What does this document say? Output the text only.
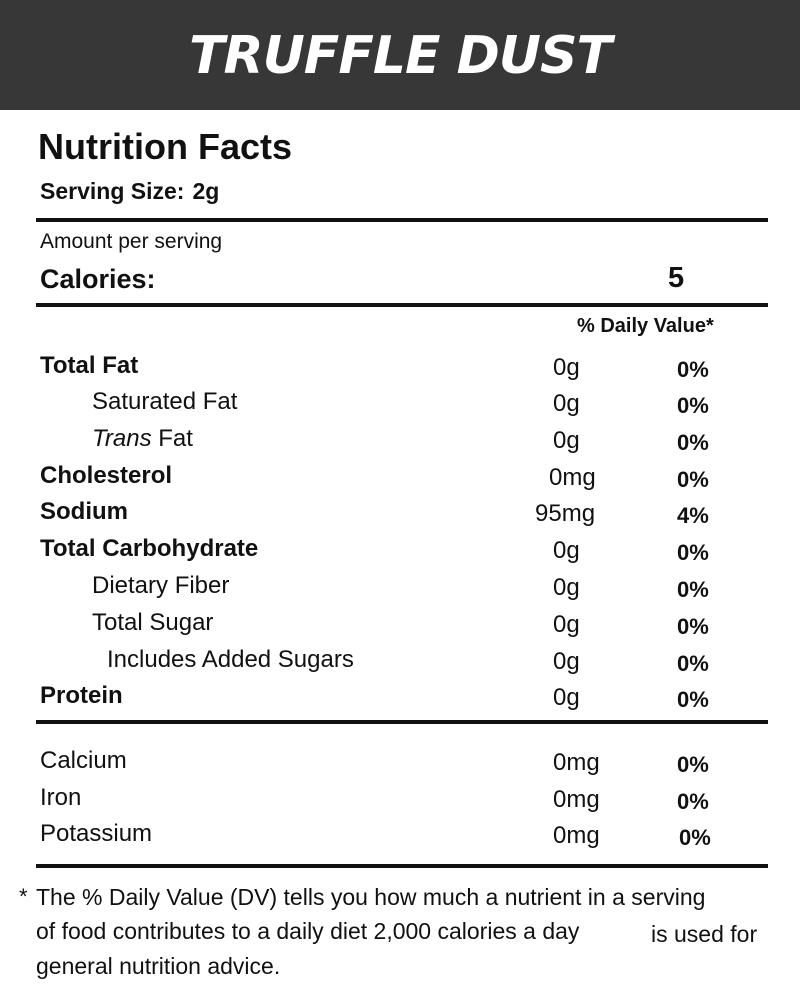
TRUFFLE DUST
Nutrition Facts
Serving Size: 2g
Amount per serving
Calories:	5
% Daily Value*
Total Fat	0g	0%
Saturated Fat	0g	0%
Trans Fat	0g	0%
Cholesterol	0mg	0%
Sodium	95mg	4%
Total Carbohydrate	0g	0%
Dietary Fiber	0g	0%
Total Sugar	0g	0%
Includes Added Sugars	0g	0%
Protein	0g	0%
Calcium	0mg	0%
Iron	0mg	0%
Potassium	0mg	0%
* The % Daily Value (DV) tells you how much a nutrient in a serving
of food contributes to a daily diet 2,000 calories a day	is used for
general nutrition advice.
